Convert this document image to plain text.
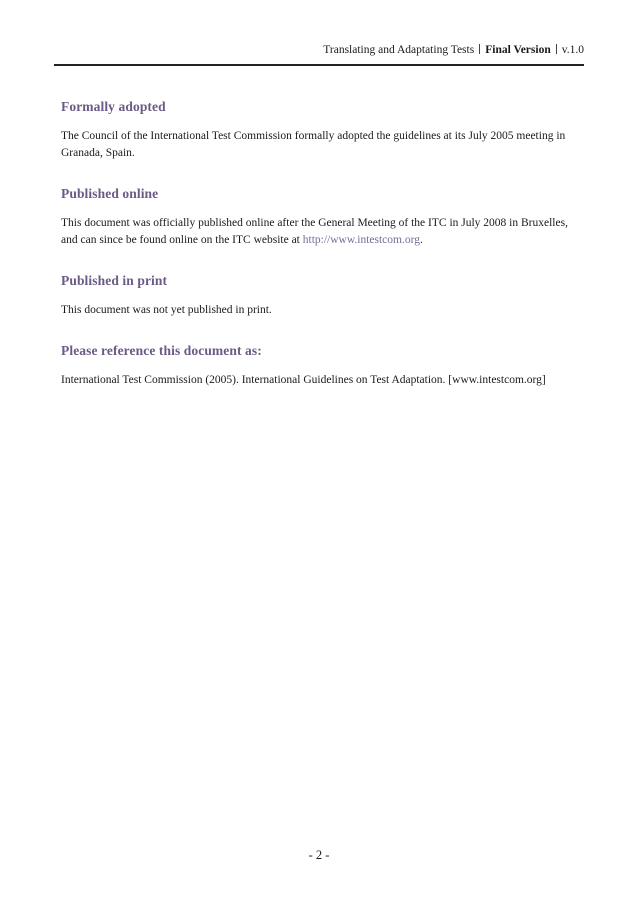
Translating and Adaptating Tests Final Version v.1.0
Formally adopted

The Council of the International Test Commission formally adopted the guidelines at its July 2005 meeting in Granada, Spain.

Published online

This document was officially published online after the General Meeting of the ITC in July 2008 in Bruxelles, and can since be found online on the ITC website at http://www.intestcom.org.

Published in print

This document was not yet published in print.

Please reference this document as:

International Test Commission (2005). International Guidelines on Test Adaptation. [www.intestcom.org]

- 2 -
